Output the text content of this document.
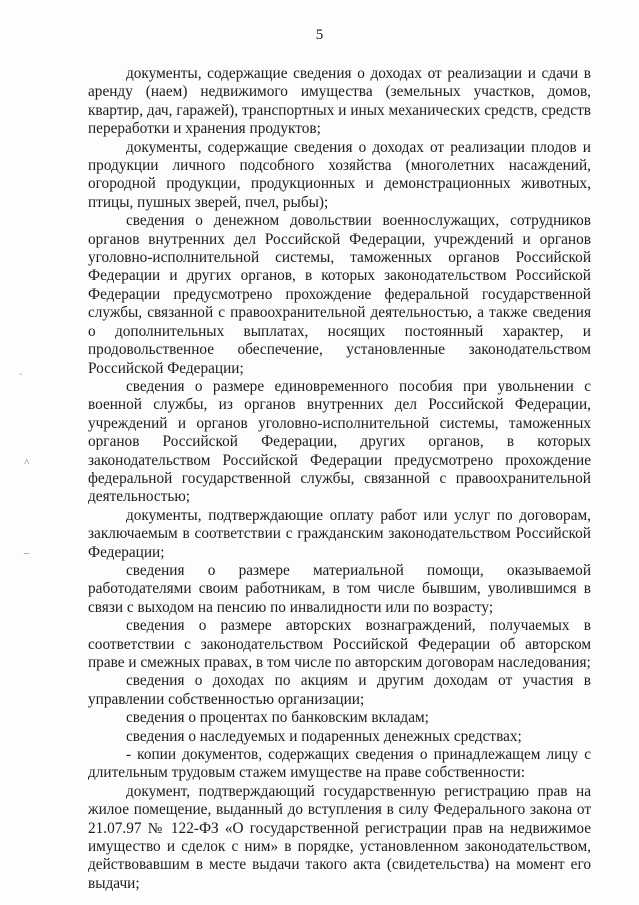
5
ˋ
˄
–

документы, содержащие сведения о доходах от реализации и сдачи в аренду (наем) недвижимого имущества (земельных участков, домов, квартир, дач, гаражей), транспортных и иных механических средств, средств переработки и хранения продуктов;

документы, содержащие сведения о доходах от реализации плодов и продукции личного подсобного хозяйства (многолетних насаждений, огородной продукции, продукционных и демонстрационных животных, птицы, пушных зверей, пчел, рыбы);

сведения о денежном довольствии военнослужащих, сотрудников органов внутренних дел Российской Федерации, учреждений и органов уголовно-исполнительной системы, таможенных органов Российской Федерации и других органов, в которых законодательством Российской Федерации предусмотрено прохождение федеральной государственной службы, связанной с правоохранительной деятельностью, а также сведения о дополнительных выплатах, носящих постоянный характер, и продовольственное обеспечение, установленные законодательством Российской Федерации;

сведения о размере единовременного пособия при увольнении с военной службы, из органов внутренних дел Российской Федерации, учреждений и органов уголовно-исполнительной системы, таможенных органов Российской Федерации, других органов, в которых законодательством Российской Федерации предусмотрено прохождение федеральной государственной службы, связанной с правоохранительной деятельностью;

документы, подтверждающие оплату работ или услуг по договорам, заключаемым в соответствии с гражданским законодательством Российской Федерации;

сведения о размере материальной помощи, оказываемой работодателями своим работникам, в том числе бывшим, уволившимся в связи с выходом на пенсию по инвалидности или по возрасту;

сведения о размере авторских вознаграждений, получаемых в соответствии с законодательством Российской Федерации об авторском праве и смежных правах, в том числе по авторским договорам наследования;

сведения о доходах по акциям и другим доходам от участия в управлении собственностью организации;

сведения о процентах по банковским вкладам;

сведения о наследуемых и подаренных денежных средствах;

- копии документов, содержащих сведения о принадлежащем лицу с длительным трудовым стажем имуществе на праве собственности:

документ, подтверждающий государственную регистрацию прав на жилое помещение, выданный до вступления в силу Федерального закона от 21.07.97 № 122-ФЗ «О государственной регистрации прав на недвижимое имущество и сделок с ним» в порядке, установленном законодательством, действовавшим в месте выдачи такого акта (свидетельства) на момент его выдачи;
